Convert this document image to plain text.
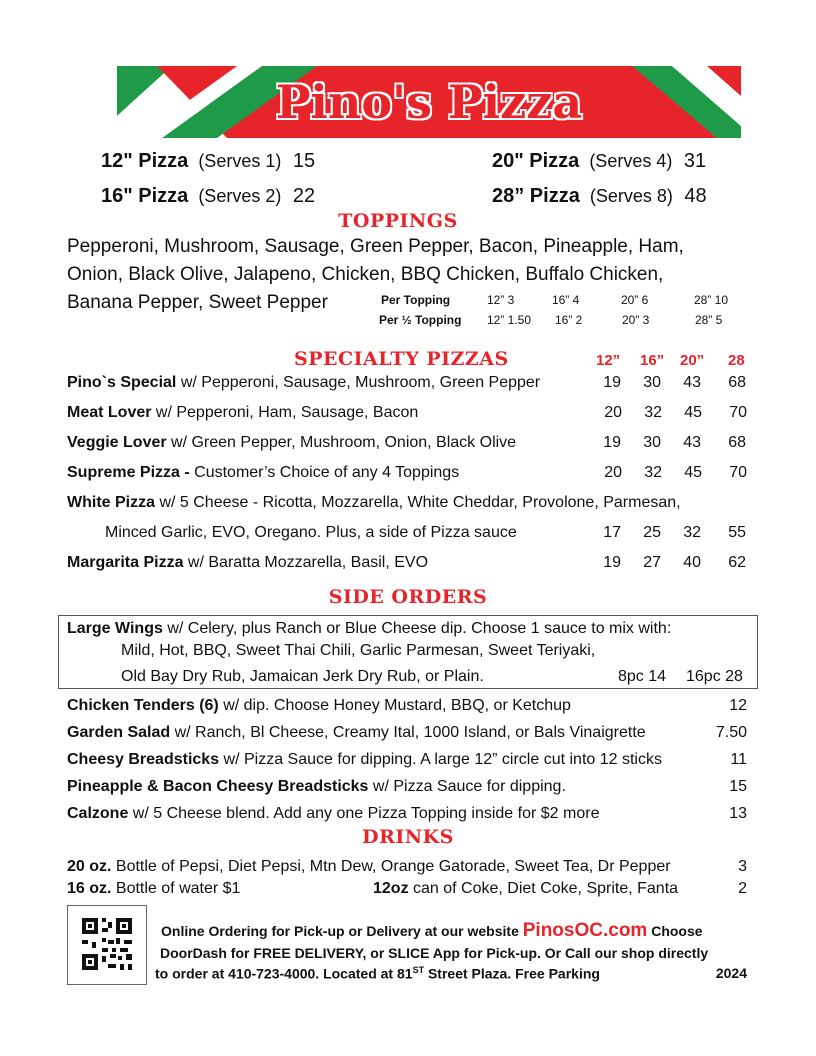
Pino's Pizza
12" Pizza (Serves 1) 15
16" Pizza (Serves 2) 22
20" Pizza (Serves 4) 31
28” Pizza (Serves 8) 48
TOPPINGS
Pepperoni, Mushroom, Sausage, Green Pepper, Bacon, Pineapple, Ham,
Onion, Black Olive, Jalapeno, Chicken, BBQ Chicken, Buffalo Chicken,
Banana Pepper, Sweet Pepper	Per Topping	12” 3	16” 4	20” 6	28” 10
Per ½ Topping 12” 1.50 16” 2	20” 3	28” 5
SPECIALTY PIZZAS	12” 16” 20” 28
Pino`s Special w/ Pepperoni, Sausage, Mushroom, Green Pepper	19	30	43	68
Meat Lover w/ Pepperoni, Ham, Sausage, Bacon	20	32	45	70
Veggie Lover w/ Green Pepper, Mushroom, Onion, Black Olive	19	30	43	68
Supreme Pizza - Customer’s Choice of any 4 Toppings	20	32	45	70
White Pizza w/ 5 Cheese - Ricotta, Mozzarella, White Cheddar, Provolone, Parmesan,
Minced Garlic, EVO, Oregano. Plus, a side of Pizza sauce	17	25	32	55
Margarita Pizza w/ Baratta Mozzarella, Basil, EVO	19	27	40	62
SIDE ORDERS
Large Wings w/ Celery, plus Ranch or Blue Cheese dip. Choose 1 sauce to mix with:
Mild, Hot, BBQ, Sweet Thai Chili, Garlic Parmesan, Sweet Teriyaki,
Old Bay Dry Rub, Jamaican Jerk Dry Rub, or Plain.	8pc 14 16pc 28
Chicken Tenders (6) w/ dip. Choose Honey Mustard, BBQ, or Ketchup	12
Garden Salad w/ Ranch, Bl Cheese, Creamy Ital, 1000 Island, or Bals Vinaigrette	7.50
Cheesy Breadsticks w/ Pizza Sauce for dipping. A large 12” circle cut into 12 sticks	11
Pineapple & Bacon Cheesy Breadsticks w/ Pizza Sauce for dipping.	15
Calzone w/ 5 Cheese blend. Add any one Pizza Topping inside for $2 more	13
DRINKS
20 oz. Bottle of Pepsi, Diet Pepsi, Mtn Dew, Orange Gatorade, Sweet Tea, Dr Pepper	3
16 oz. Bottle of water $1	12oz can of Coke, Diet Coke, Sprite, Fanta	2
Online Ordering for Pick-up or Delivery at our website PinosOC.com Choose
DoorDash for FREE DELIVERY, or SLICE App for Pick-up. Or Call our shop directly
to order at 410-723-4000. Located at 81ST Street Plaza. Free Parking	2024
